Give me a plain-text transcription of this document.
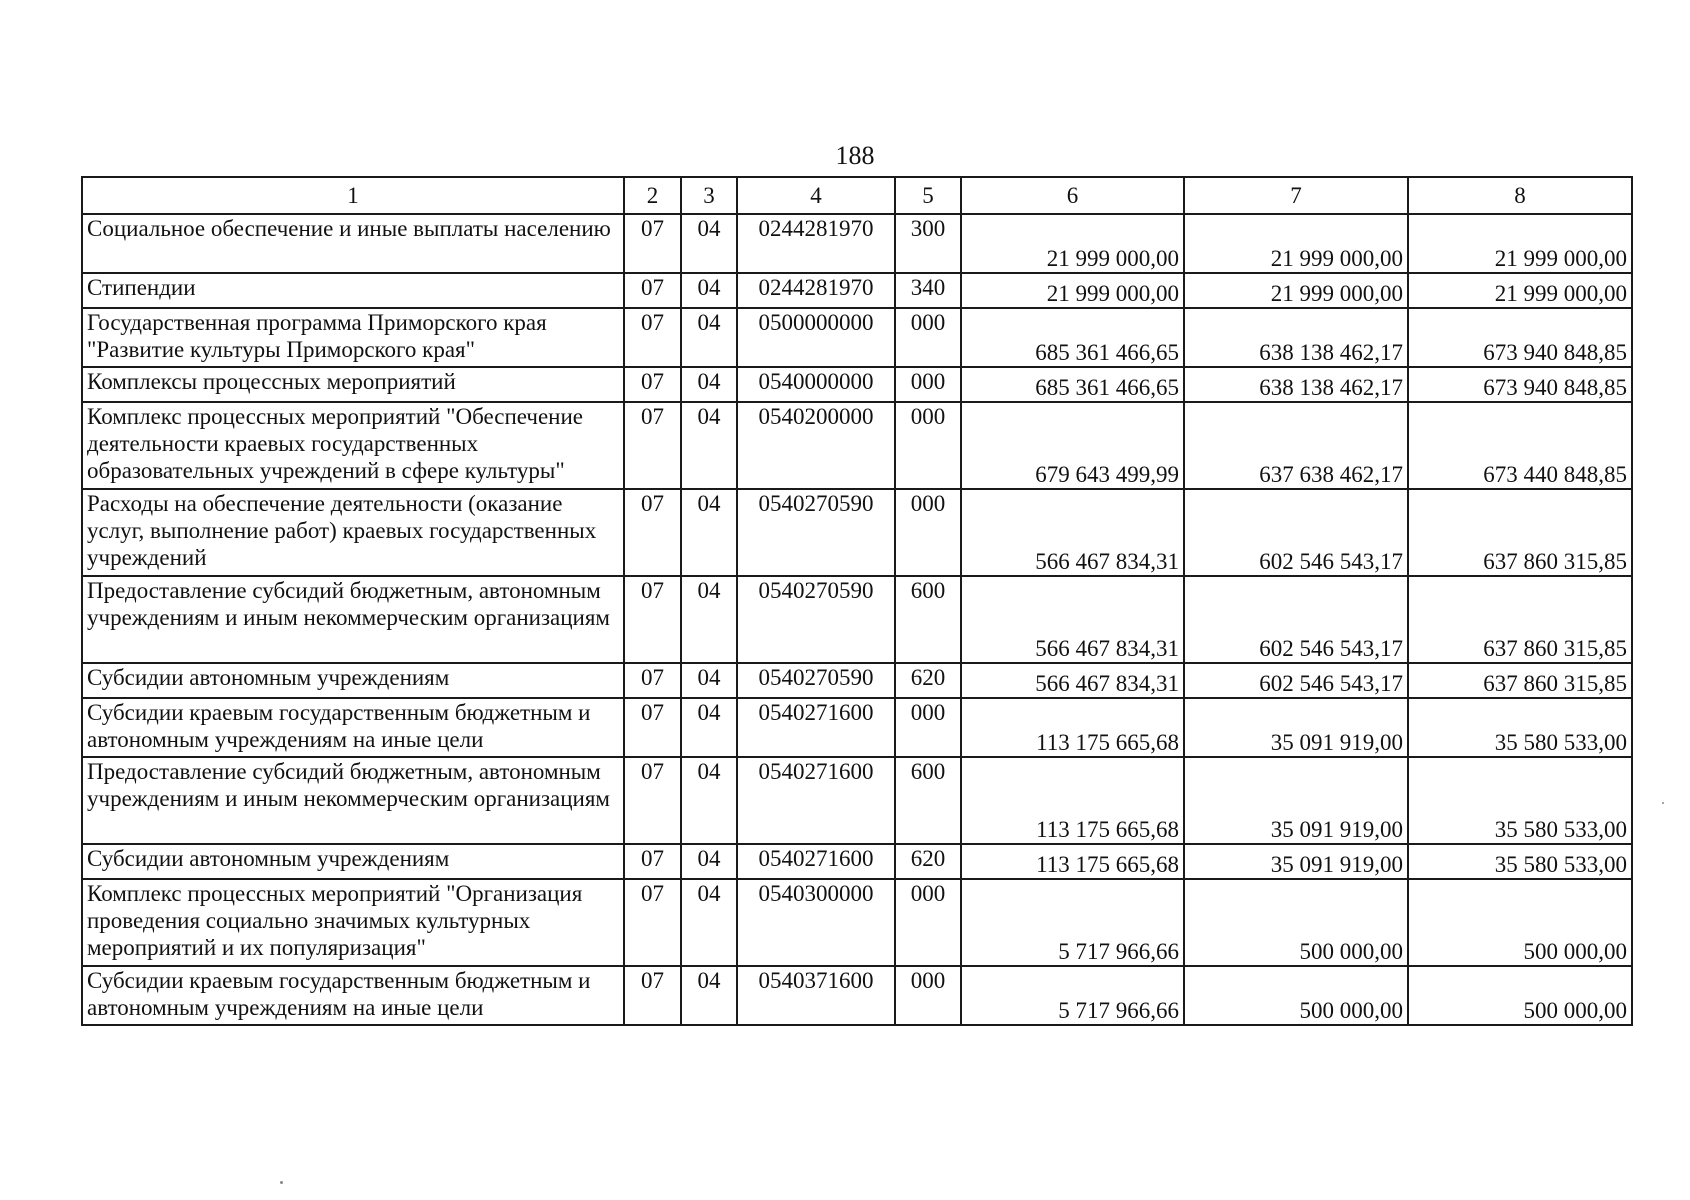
188
1	2	3	4	5	6	7	8
Социальное обеспечение и иные выплаты населению	07	04	0244281970	300	21 999 000,00	21 999 000,00	21 999 000,00
Стипендии	07	04	0244281970	340	21 999 000,00	21 999 000,00	21 999 000,00
Государственная программа Приморского края "Развитие культуры Приморского края"	07	04	0500000000	000	685 361 466,65	638 138 462,17	673 940 848,85
Комплексы процессных мероприятий	07	04	0540000000	000	685 361 466,65	638 138 462,17	673 940 848,85
Комплекс процессных мероприятий "Обеспечение деятельности краевых государственных образовательных учреждений в сфере культуры"	07	04	0540200000	000	679 643 499,99	637 638 462,17	673 440 848,85
Расходы на обеспечение деятельности (оказание услуг, выполнение работ) краевых государственных учреждений	07	04	0540270590	000	566 467 834,31	602 546 543,17	637 860 315,85
Предоставление субсидий бюджетным, автономным учреждениям и иным некоммерческим организациям	07	04	0540270590	600	566 467 834,31	602 546 543,17	637 860 315,85
Субсидии автономным учреждениям	07	04	0540270590	620	566 467 834,31	602 546 543,17	637 860 315,85
Субсидии краевым государственным бюджетным и автономным учреждениям на иные цели	07	04	0540271600	000	113 175 665,68	35 091 919,00	35 580 533,00
Предоставление субсидий бюджетным, автономным учреждениям и иным некоммерческим организациям	07	04	0540271600	600	113 175 665,68	35 091 919,00	35 580 533,00
Субсидии автономным учреждениям	07	04	0540271600	620	113 175 665,68	35 091 919,00	35 580 533,00
Комплекс процессных мероприятий "Организация проведения социально значимых культурных мероприятий и их популяризация"	07	04	0540300000	000	5 717 966,66	500 000,00	500 000,00
Субсидии краевым государственным бюджетным и автономным учреждениям на иные цели	07	04	0540371600	000	5 717 966,66	500 000,00	500 000,00
